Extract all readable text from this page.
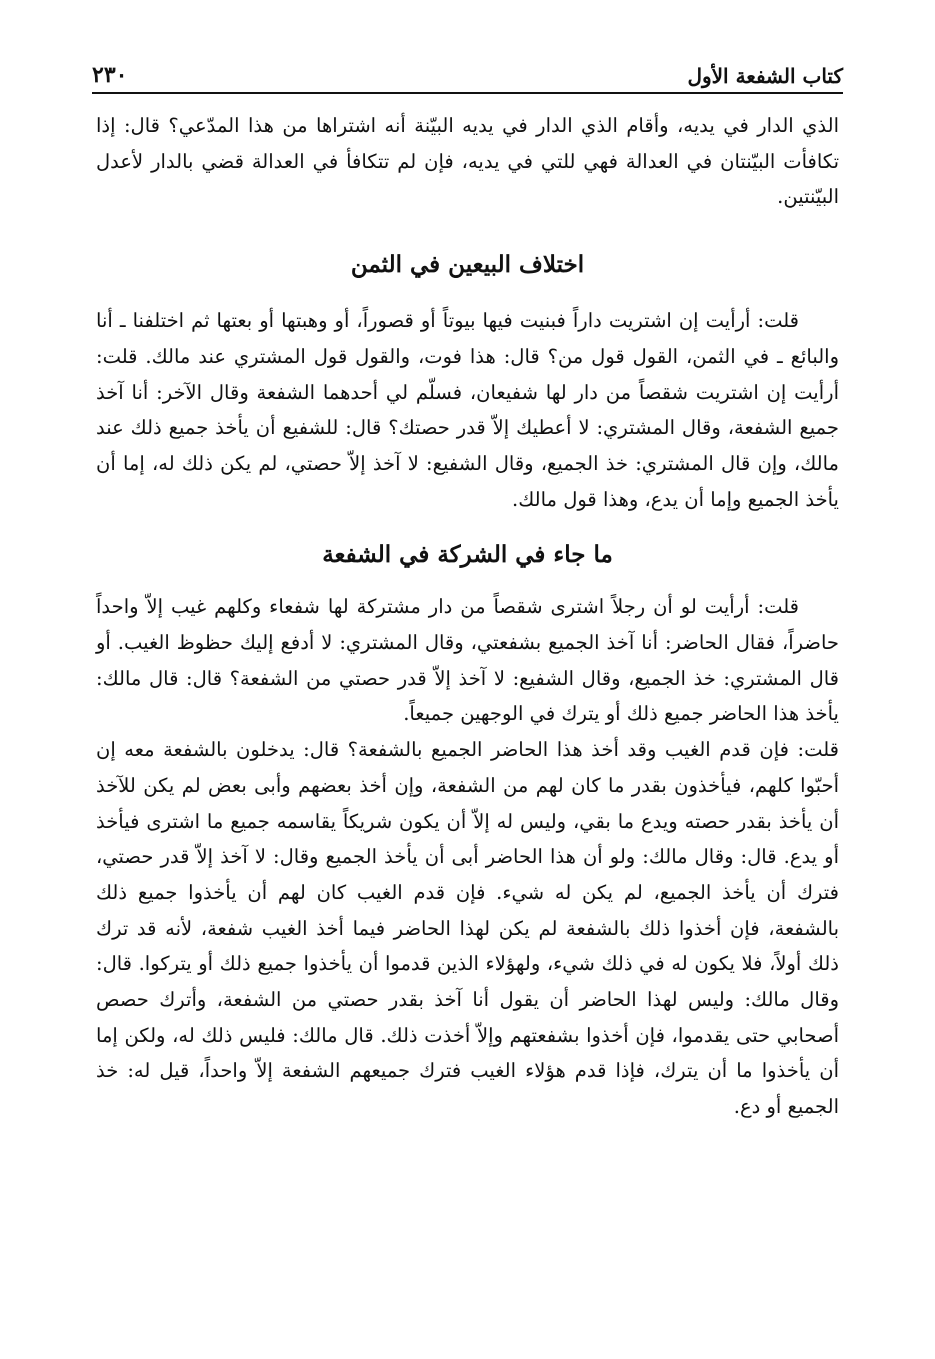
كتاب الشفعة الأول
٢٣٠

الذي الدار في يديه، وأقام الذي الدار في يديه البيّنة أنه اشتراها من هذا المدّعي؟ قال: إذا تكافأت البيّنتان في العدالة فهي للتي في يديه، فإن لم تتكافأ في العدالة قضي بالدار لأعدل البيّنتين.

اختلاف البيعين في الثمن

قلت: أرأيت إن اشتريت داراً فبنيت فيها بيوتاً أو قصوراً، أو وهبتها أو بعتها ثم اختلفنا ـ أنا والبائع ـ في الثمن، القول قول من؟ قال: هذا فوت، والقول قول المشتري عند مالك. قلت: أرأيت إن اشتريت شقصاً من دار لها شفيعان، فسلّم لي أحدهما الشفعة وقال الآخر: أنا آخذ جميع الشفعة، وقال المشتري: لا أعطيك إلاّ قدر حصتك؟ قال: للشفيع أن يأخذ جميع ذلك عند مالك، وإن قال المشتري: خذ الجميع، وقال الشفيع: لا آخذ إلاّ حصتي، لم يكن ذلك له، إما أن يأخذ الجميع وإما أن يدع، وهذا قول مالك.

ما جاء في الشركة في الشفعة

قلت: أرأيت لو أن رجلاً اشترى شقصاً من دار مشتركة لها شفعاء وكلهم غيب إلاّ واحداً حاضراً، فقال الحاضر: أنا آخذ الجميع بشفعتي، وقال المشتري: لا أدفع إليك حظوظ الغيب. أو قال المشتري: خذ الجميع، وقال الشفيع: لا آخذ إلاّ قدر حصتي من الشفعة؟ قال: قال مالك: يأخذ هذا الحاضر جميع ذلك أو يترك في الوجهين جميعاً.

قلت: فإن قدم الغيب وقد أخذ هذا الحاضر الجميع بالشفعة؟ قال: يدخلون بالشفعة معه إن أحبّوا كلهم، فيأخذون بقدر ما كان لهم من الشفعة، وإن أخذ بعضهم وأبى بعض لم يكن للآخذ أن يأخذ بقدر حصته ويدع ما بقي، وليس له إلاّ أن يكون شريكاً يقاسمه جميع ما اشترى فيأخذ أو يدع. قال: وقال مالك: ولو أن هذا الحاضر أبى أن يأخذ الجميع وقال: لا آخذ إلاّ قدر حصتي، فترك أن يأخذ الجميع، لم يكن له شيء. فإن قدم الغيب كان لهم أن يأخذوا جميع ذلك بالشفعة، فإن أخذوا ذلك بالشفعة لم يكن لهذا الحاضر فيما أخذ الغيب شفعة، لأنه قد ترك ذلك أولاً، فلا يكون له في ذلك شيء، ولهؤلاء الذين قدموا أن يأخذوا جميع ذلك أو يتركوا. قال: وقال مالك: وليس لهذا الحاضر أن يقول أنا آخذ بقدر حصتي من الشفعة، وأترك حصص أصحابي حتى يقدموا، فإن أخذوا بشفعتهم وإلاّ أخذت ذلك. قال مالك: فليس ذلك له، ولكن إما أن يأخذوا ما أن يترك، فإذا قدم هؤلاء الغيب فترك جميعهم الشفعة إلاّ واحداً، قيل له: خذ الجميع أو دع.
